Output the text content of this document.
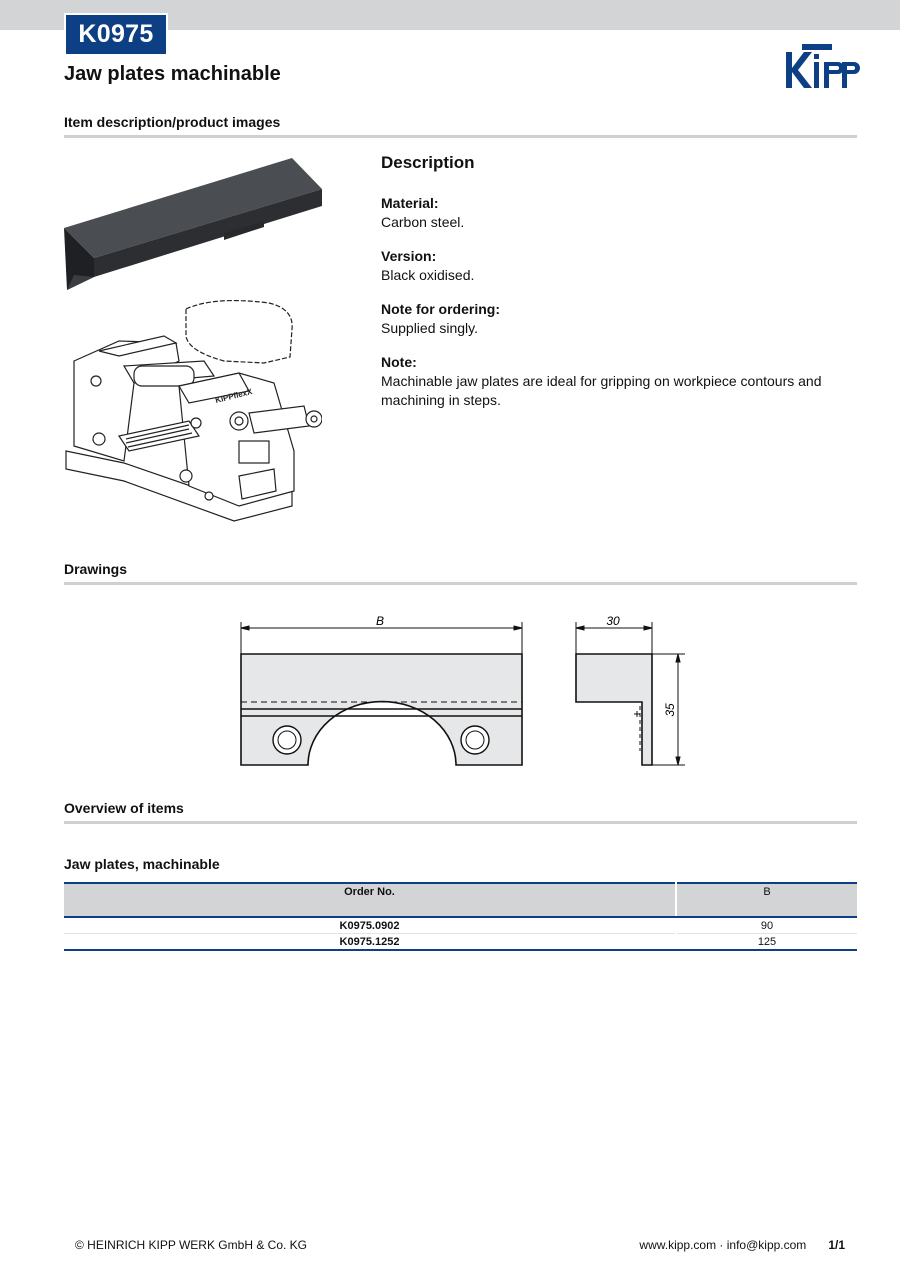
K0975
Jaw plates machinable
Item description/product images
KIPPflexX
Description
Material:
Carbon steel.
Version:
Black oxidised.
Note for ordering:
Supplied singly.
Note:
Machinable jaw plates are ideal for gripping on workpiece contours and machining in steps.
Drawings
B	30
35
Overview of items
Jaw plates, machinable
Order No.	B
K0975.0902	90
K0975.1252	125
© HEINRICH KIPP WERK GmbH & Co. KG	www.kipp.com · info@kipp.com 1/1
